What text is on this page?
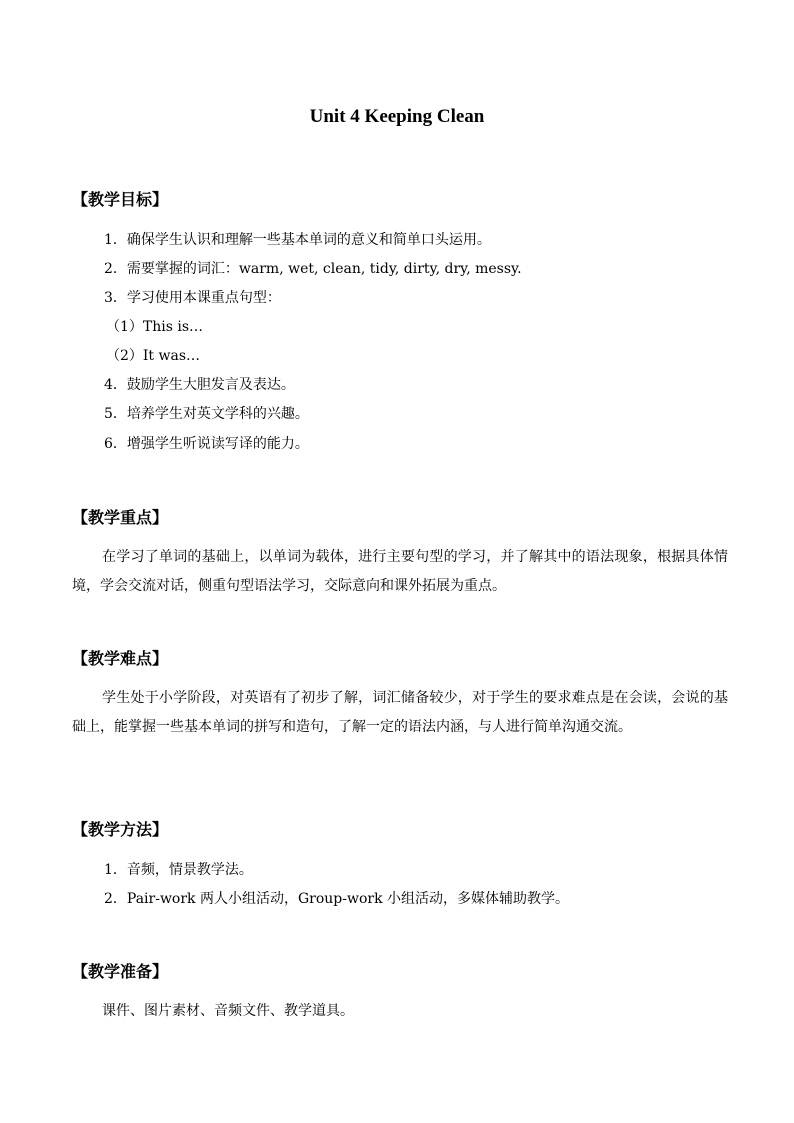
Unit 4 Keeping Clean
【教学目标】
1．确保学生认识和理解一些基本单词的意义和简单口头运用。
2．需要掌握的词汇：warm, wet, clean, tidy, dirty, dry, messy.
3．学习使用本课重点句型：
（1）This is…
（2）It was…
4．鼓励学生大胆发言及表达。
5．培养学生对英文学科的兴趣。
6．增强学生听说读写译的能力。
【教学重点】

在学习了单词的基础上，以单词为载体，进行主要句型的学习，并了解其中的语法现象，根据具体情境，学会交流对话，侧重句型语法学习，交际意向和课外拓展为重点。

【教学难点】

学生处于小学阶段，对英语有了初步了解，词汇储备较少，对于学生的要求难点是在会读，会说的基础上，能掌握一些基本单词的拼写和造句，了解一定的语法内涵，与人进行简单沟通交流。

【教学方法】
1．音频，情景教学法。
2．Pair-work 两人小组活动，Group-work 小组活动，多媒体辅助教学。
【教学准备】

课件、图片素材、音频文件、教学道具。
